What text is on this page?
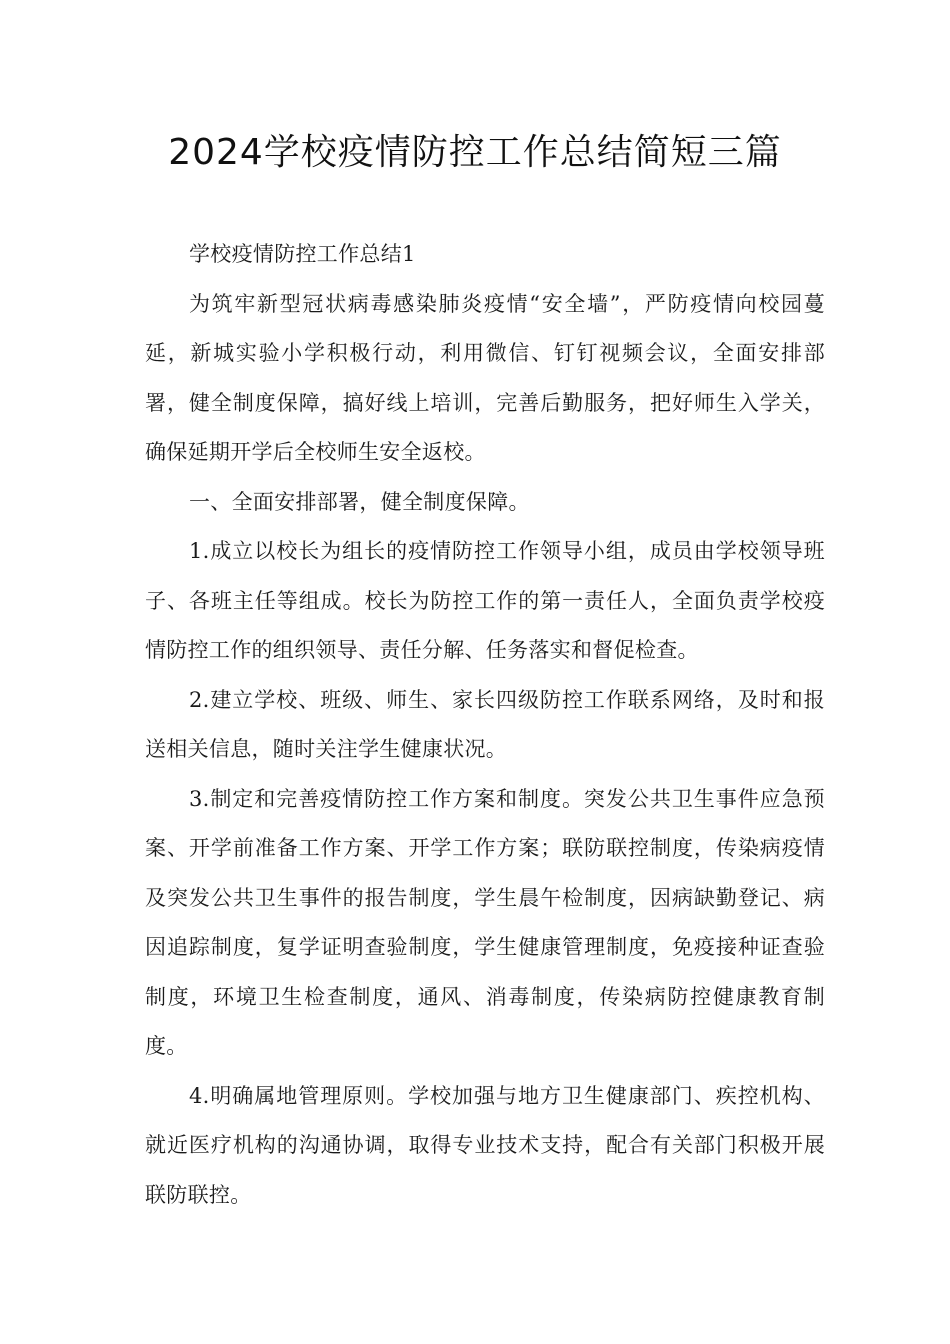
2024学校疫情防控工作总结简短三篇

学校疫情防控工作总结1

为筑牢新型冠状病毒感染肺炎疫情“安全墙”，严防疫情向校园蔓延，新城实验小学积极行动，利用微信、钉钉视频会议，全面安排部署，健全制度保障，搞好线上培训，完善后勤服务，把好师生入学关，确保延期开学后全校师生安全返校。

一、全面安排部署，健全制度保障。

1.成立以校长为组长的疫情防控工作领导小组，成员由学校领导班子、各班主任等组成。校长为防控工作的第一责任人，全面负责学校疫情防控工作的组织领导、责任分解、任务落实和督促检查。

2.建立学校、班级、师生、家长四级防控工作联系网络，及时和报送相关信息，随时关注学生健康状况。

3.制定和完善疫情防控工作方案和制度。突发公共卫生事件应急预案、开学前准备工作方案、开学工作方案；联防联控制度，传染病疫情及突发公共卫生事件的报告制度，学生晨午检制度，因病缺勤登记、病因追踪制度，复学证明查验制度，学生健康管理制度，免疫接种证查验制度，环境卫生检查制度，通风、消毒制度，传染病防控健康教育制度。

4.明确属地管理原则。学校加强与地方卫生健康部门、疾控机构、就近医疗机构的沟通协调，取得专业技术支持，配合有关部门积极开展联防联控。
